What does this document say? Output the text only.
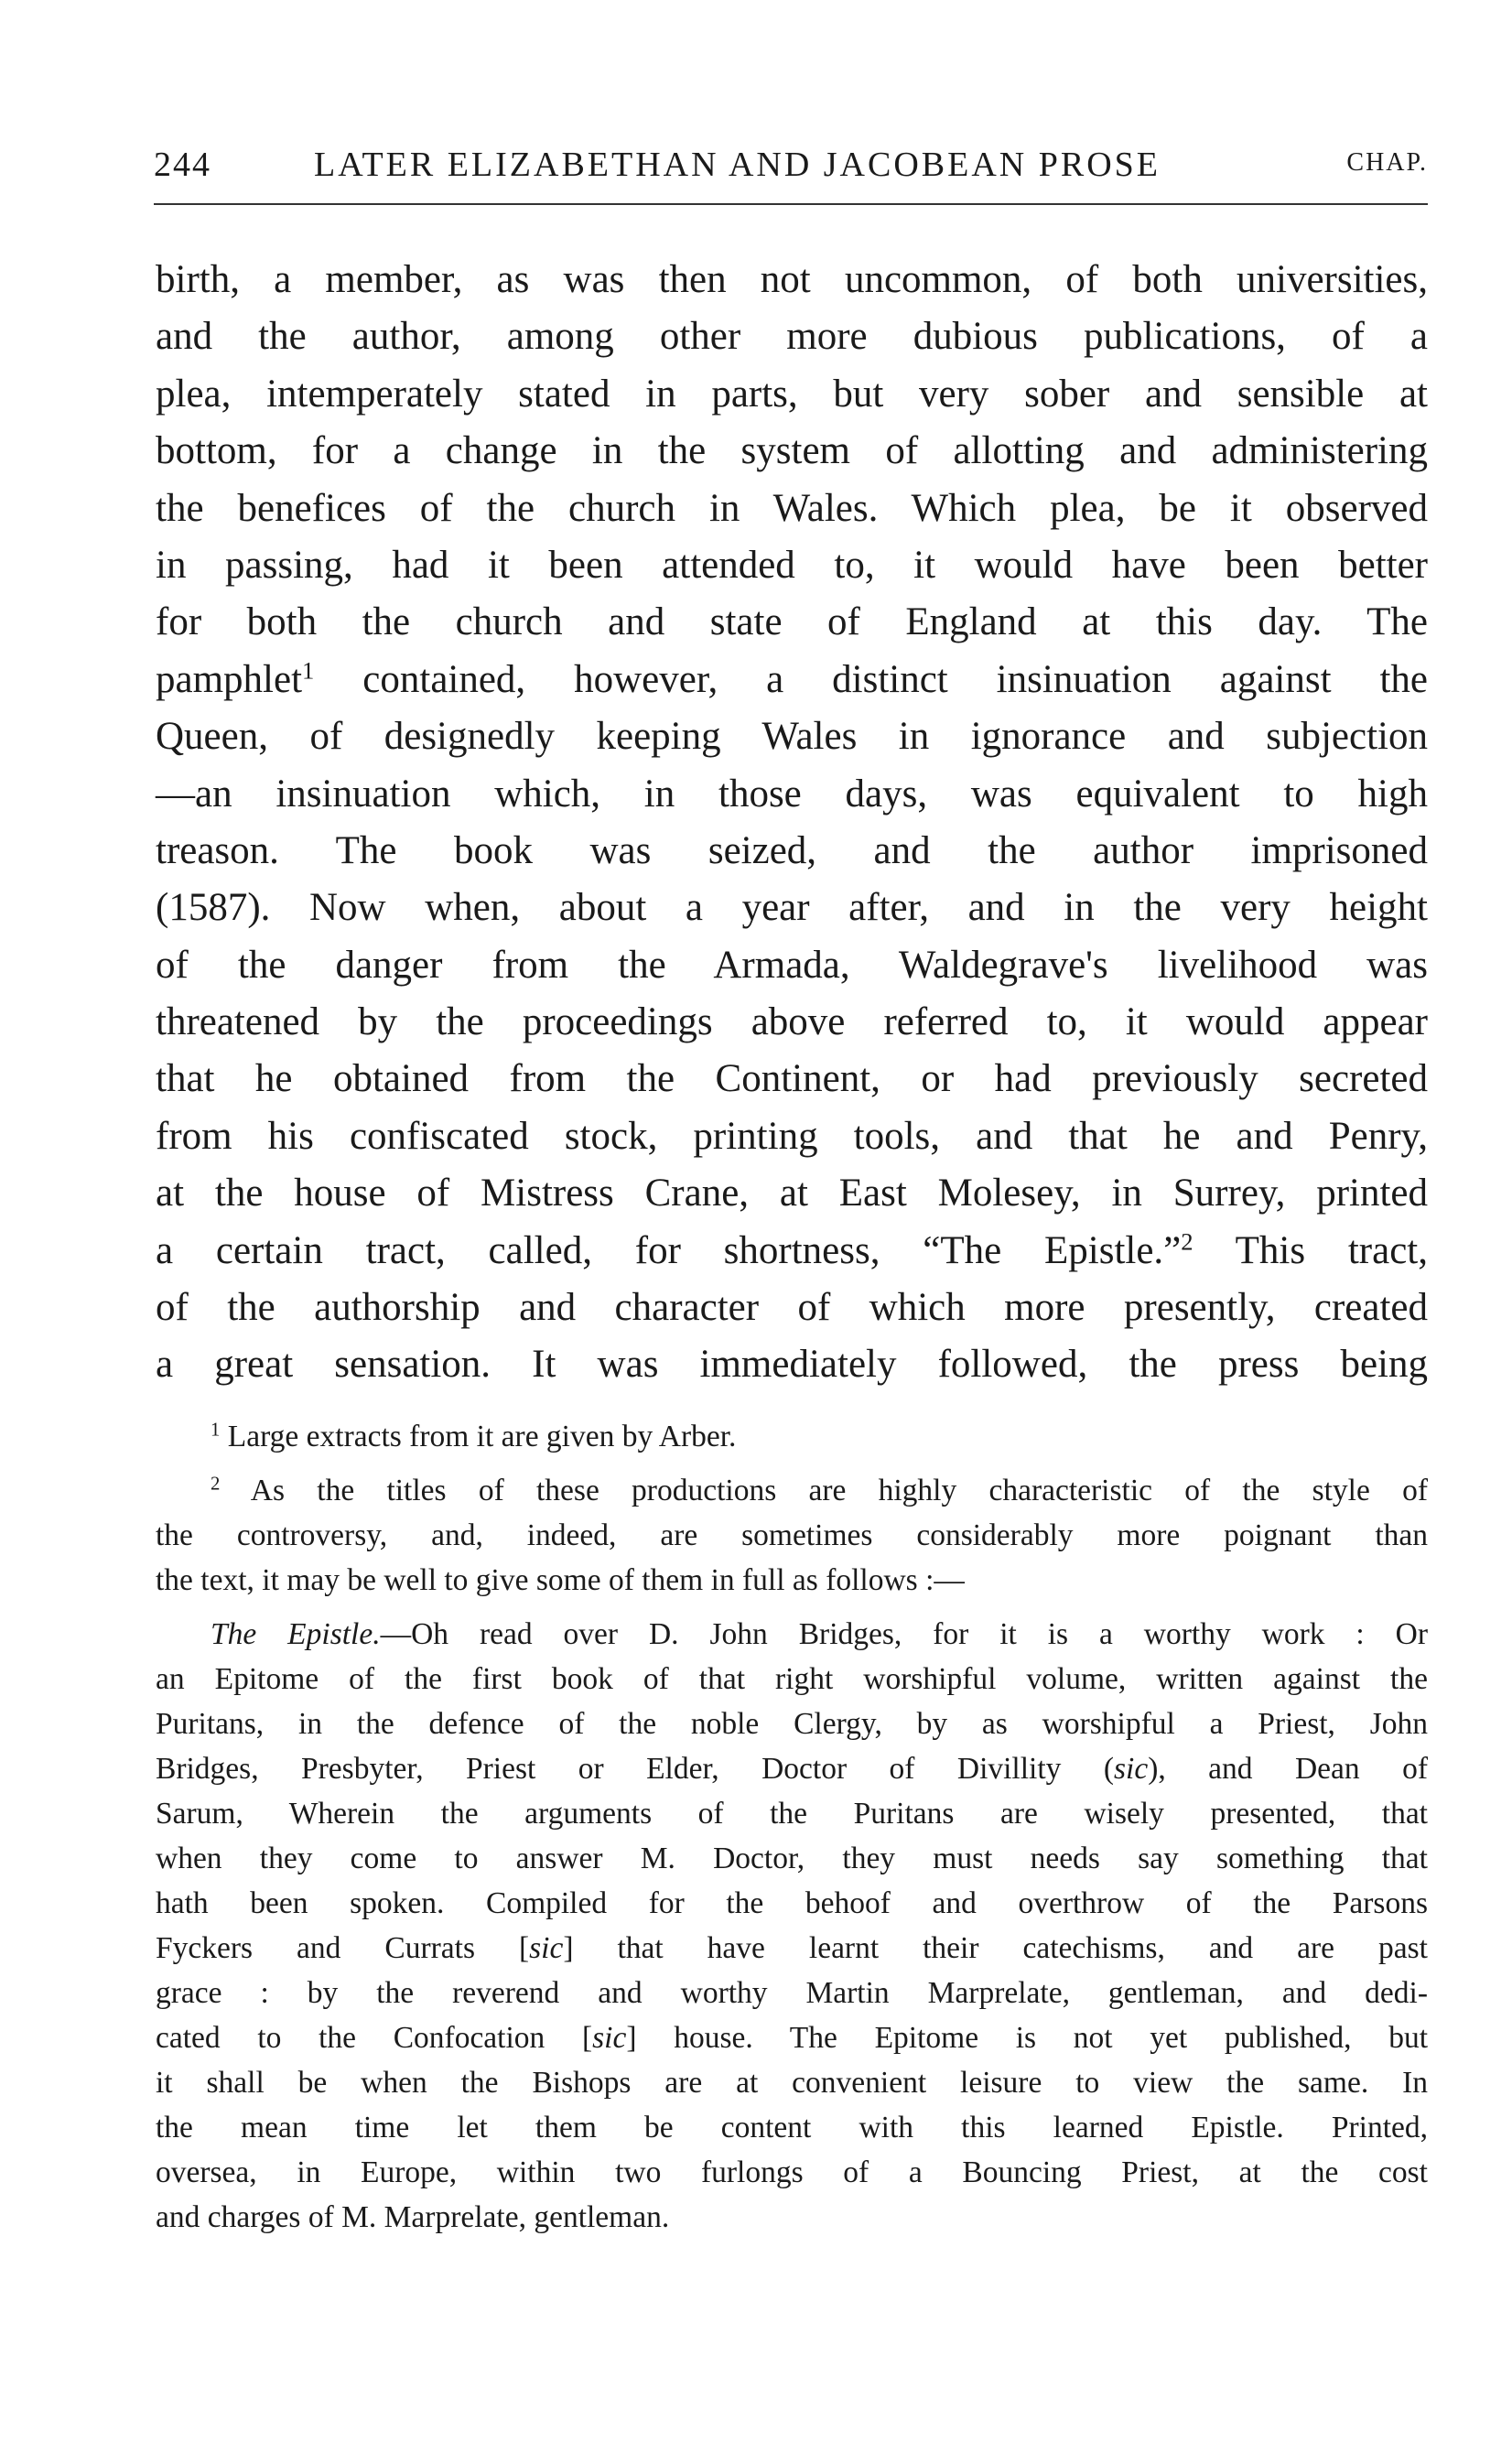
244	LATER ELIZABETHAN AND JACOBEAN PROSE	CHAP.
birth, a member, as was then not uncommon, of both universities,
and the author, among other more dubious publications, of a
plea, intemperately stated in parts, but very sober and sensible at
bottom, for a change in the system of allotting and administering
the benefices of the church in Wales. Which plea, be it observed
in passing, had it been attended to, it would have been better
for both the church and state of England at this day. The
pamphlet$^1$ contained, however, a distinct insinuation against the
Queen, of designedly keeping Wales in ignorance and subjection
—an insinuation which, in those days, was equivalent to high
treason. The book was seized, and the author imprisoned
(1587). Now when, about a year after, and in the very height
of the danger from the Armada, Waldegrave's livelihood was
threatened by the proceedings above referred to, it would appear
that he obtained from the Continent, or had previously secreted
from his confiscated stock, printing tools, and that he and Penry,
at the house of Mistress Crane, at East Molesey, in Surrey, printed
a certain tract, called, for shortness, “The Epistle.”$^2$ This tract,
of the authorship and character of which more presently, created
a great sensation. It was immediately followed, the press being
$^1$ Large extracts from it are given by Arber.
$^2$ As the titles of these productions are highly characteristic of the style of
the controversy, and, indeed, are sometimes considerably more poignant than
the text, it may be well to give some of them in full as follows :—
The Epistle.—Oh read over D. John Bridges, for it is a worthy work : Or
an Epitome of the first book of that right worshipful volume, written against the
Puritans, in the defence of the noble Clergy, by as worshipful a Priest, John
Bridges, Presbyter, Priest or Elder, Doctor of Divillity (sic), and Dean of
Sarum, Wherein the arguments of the Puritans are wisely presented, that
when they come to answer M. Doctor, they must needs say something that
hath been spoken. Compiled for the behoof and overthrow of the Parsons
Fyckers and Currats [sic] that have learnt their catechisms, and are past
grace : by the reverend and worthy Martin Marprelate, gentleman, and dedi-
cated to the Confocation [sic] house. The Epitome is not yet published, but
it shall be when the Bishops are at convenient leisure to view the same. In
the mean time let them be content with this learned Epistle. Printed,
oversea, in Europe, within two furlongs of a Bouncing Priest, at the cost
and charges of M. Marprelate, gentleman.
